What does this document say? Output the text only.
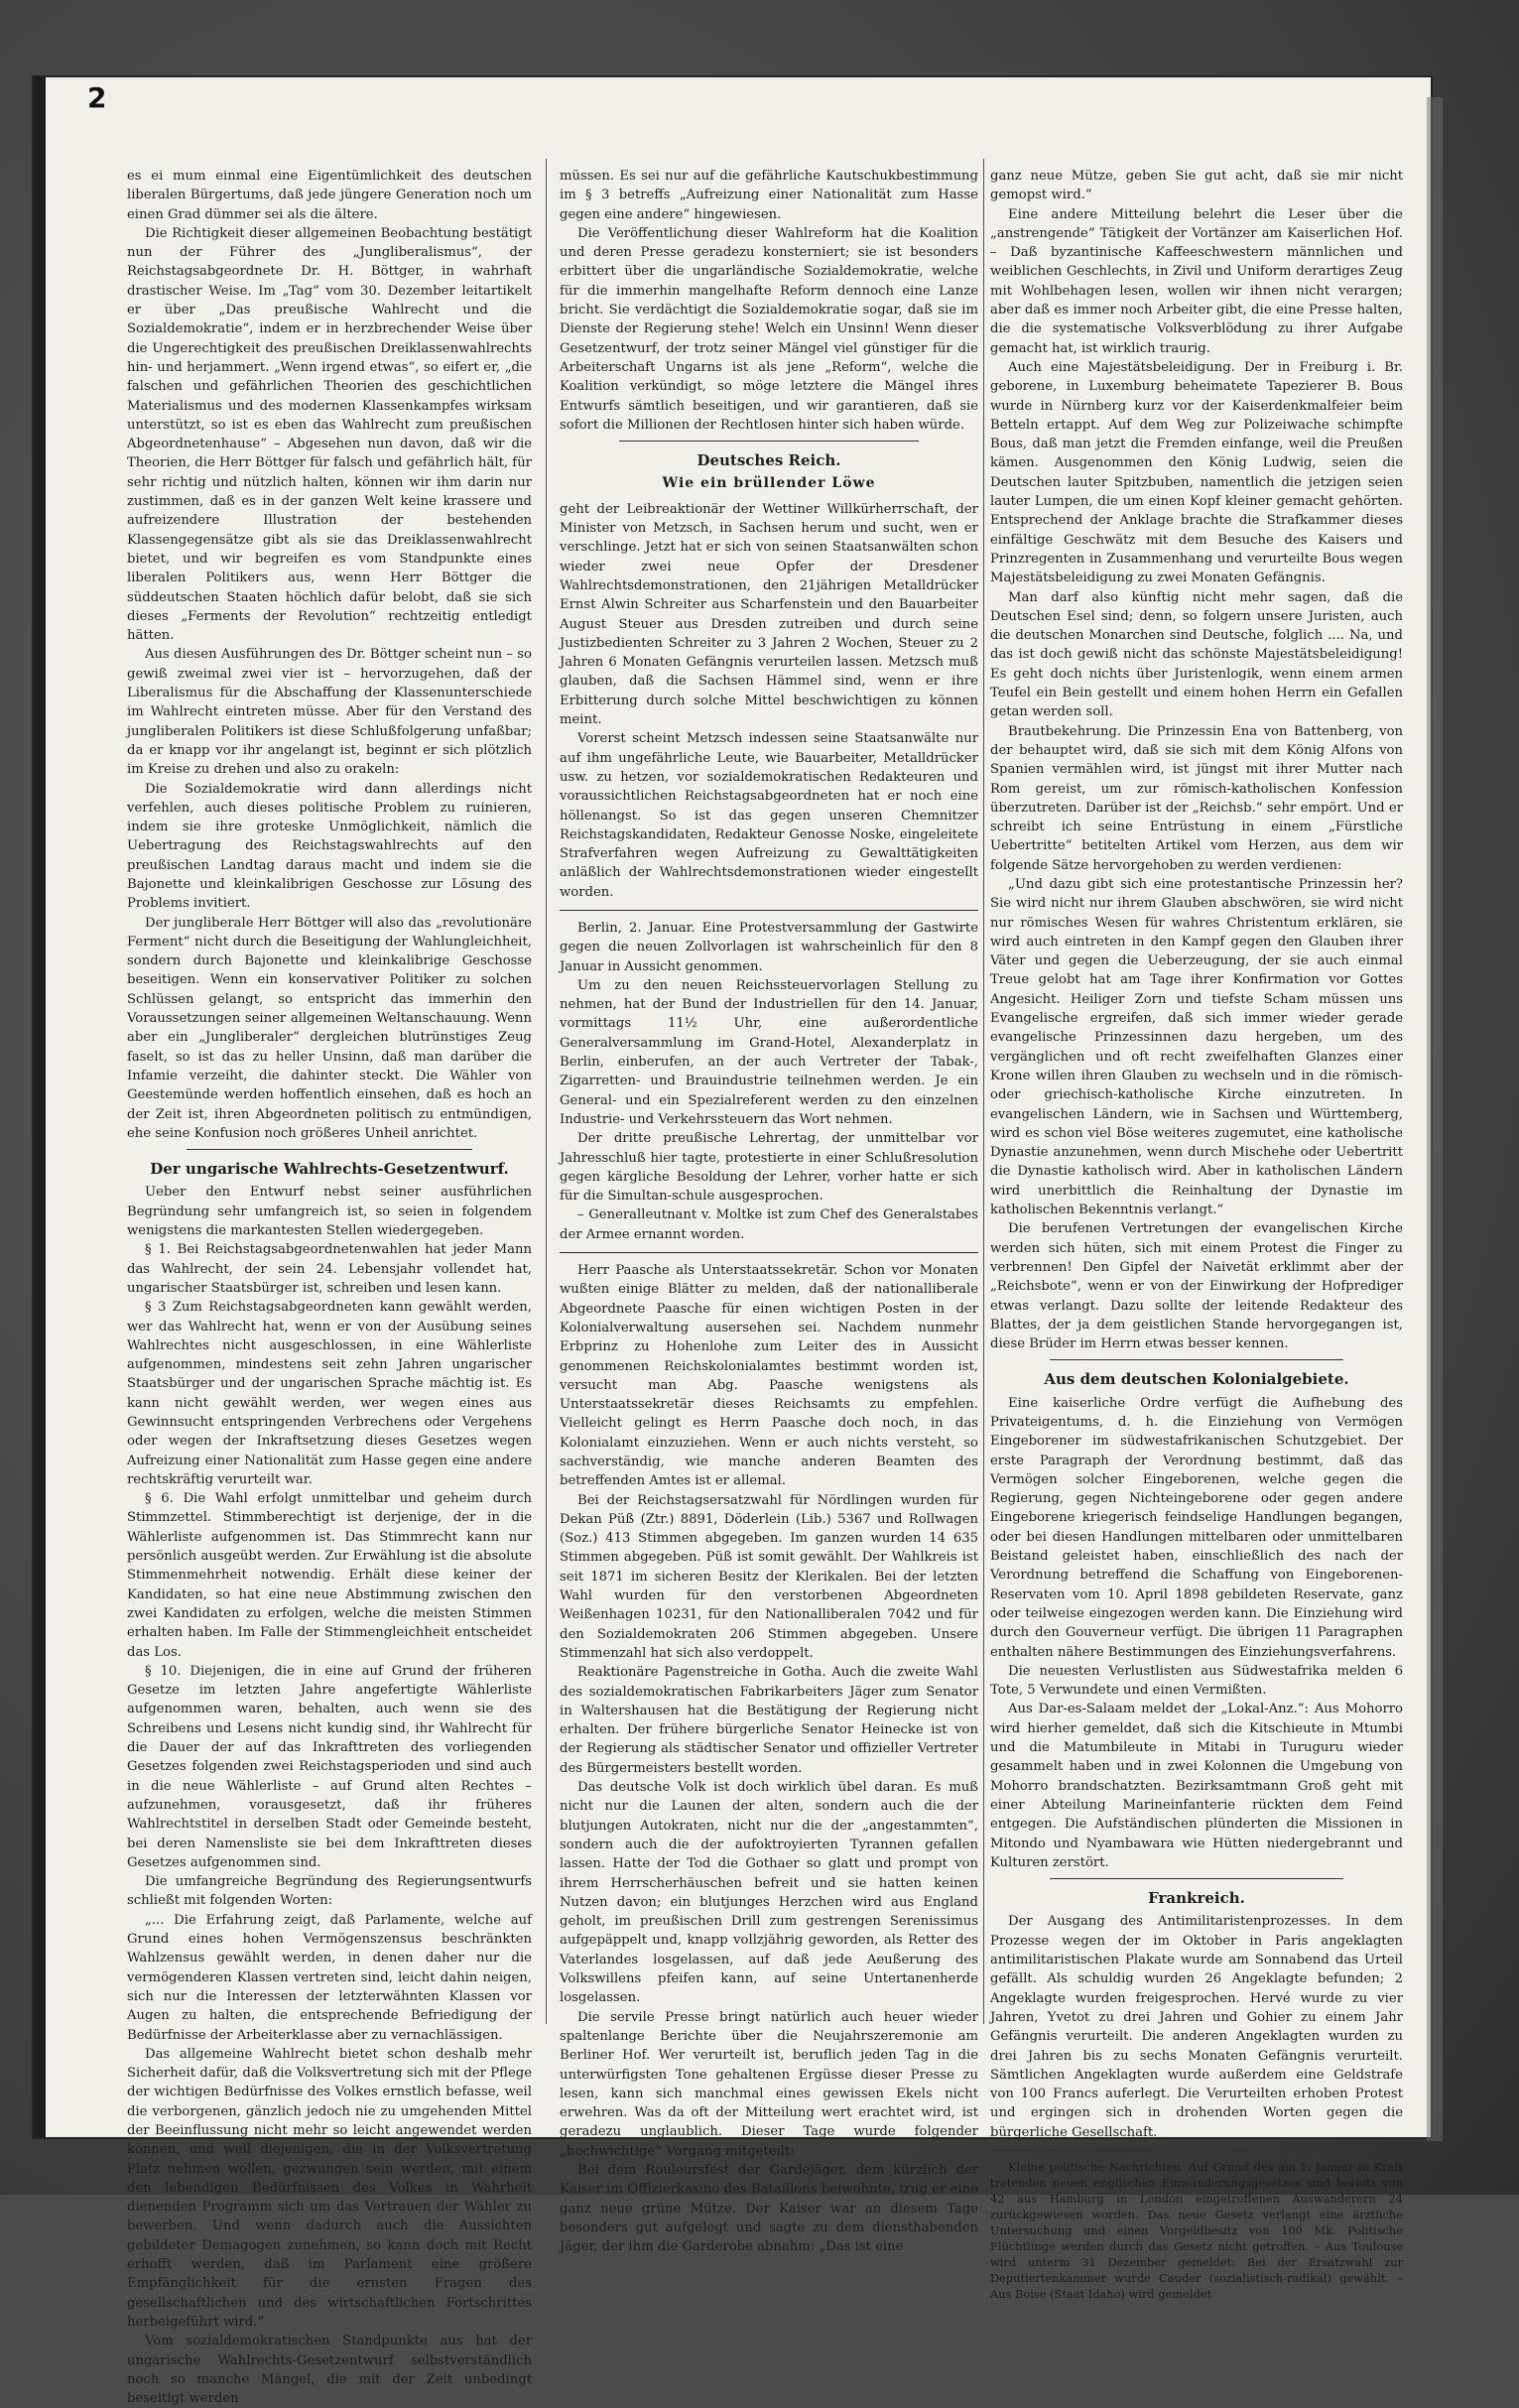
2

es ei mum einmal eine Eigentümlichkeit des deutschen liberalen Bürgertums, daß jede jüngere Generation noch um einen Grad dümmer sei als die ältere.

Die Richtigkeit dieser allgemeinen Beobachtung bestätigt nun der Führer des „Jungliberalismus“, der Reichstagsabgeordnete Dr. H. Böttger, in wahrhaft drastischer Weise. Im „Tag“ vom 30. Dezember leitartikelt er über „Das preußische Wahlrecht und die Sozialdemokratie“, indem er in herzbrechender Weise über die Ungerechtigkeit des preußischen Dreiklassenwahlrechts hin- und herjammert. „Wenn irgend etwas“, so eifert er, „die falschen und gefährlichen Theorien des geschichtlichen Materialismus und des modernen Klassenkampfes wirksam unterstützt, so ist es eben das Wahlrecht zum preußischen Abgeordnetenhause“ – Abgesehen nun davon, daß wir die Theorien, die Herr Böttger für falsch und gefährlich hält, für sehr richtig und nützlich halten, können wir ihm darin nur zustimmen, daß es in der ganzen Welt keine krassere und aufreizendere Illustration der bestehenden Klassengegensätze gibt als sie das Dreiklassenwahlrecht bietet, und wir begreifen es vom Standpunkte eines liberalen Politikers aus, wenn Herr Böttger die süddeutschen Staaten höchlich dafür belobt, daß sie sich dieses „Ferments der Revolution“ rechtzeitig entledigt hätten.

Aus diesen Ausführungen des Dr. Böttger scheint nun – so gewiß zweimal zwei vier ist – hervorzugehen, daß der Liberalismus für die Abschaffung der Klassenunterschiede im Wahlrecht eintreten müsse. Aber für den Verstand des jungliberalen Politikers ist diese Schlußfolgerung unfaßbar; da er knapp vor ihr angelangt ist, beginnt er sich plötzlich im Kreise zu drehen und also zu orakeln:

Die Sozialdemokratie wird dann allerdings nicht verfehlen, auch dieses politische Problem zu ruinieren, indem sie ihre groteske Unmöglichkeit, nämlich die Uebertragung des Reichstagswahlrechts auf den preußischen Landtag daraus macht und indem sie die Bajonette und kleinkalibrigen Geschosse zur Lösung des Problems invitiert.

Der jungliberale Herr Böttger will also das „revolutionäre Ferment“ nicht durch die Beseitigung der Wahlungleichheit, sondern durch Bajonette und kleinkalibrige Geschosse beseitigen. Wenn ein konservativer Politiker zu solchen Schlüssen gelangt, so entspricht das immerhin den Voraussetzungen seiner allgemeinen Weltanschauung. Wenn aber ein „Jungliberaler“ dergleichen blutrünstiges Zeug faselt, so ist das zu heller Unsinn, daß man darüber die Infamie verzeiht, die dahinter steckt. Die Wähler von Geestemünde werden hoffentlich einsehen, daß es hoch an der Zeit ist, ihren Abgeordneten politisch zu entmündigen, ehe seine Konfusion noch größeres Unheil anrichtet.

Der ungarische Wahlrechts-Gesetzentwurf.

Ueber den Entwurf nebst seiner ausführlichen Begründung sehr umfangreich ist, so seien in folgendem wenigstens die markantesten Stellen wiedergegeben.

§ 1. Bei Reichstagsabgeordnetenwahlen hat jeder Mann das Wahlrecht, der sein 24. Lebensjahr vollendet hat, ungarischer Staatsbürger ist, schreiben und lesen kann.

§ 3 Zum Reichstagsabgeordneten kann gewählt werden, wer das Wahlrecht hat, wenn er von der Ausübung seines Wahlrechtes nicht ausgeschlossen, in eine Wählerliste aufgenommen, mindestens seit zehn Jahren ungarischer Staatsbürger und der ungarischen Sprache mächtig ist. Es kann nicht gewählt werden, wer wegen eines aus Gewinnsucht entspringenden Verbrechens oder Vergehens oder wegen der Inkraftsetzung dieses Gesetzes wegen Aufreizung einer Nationalität zum Hasse gegen eine andere rechtskräftig verurteilt war.

§ 6. Die Wahl erfolgt unmittelbar und geheim durch Stimmzettel. Stimmberechtigt ist derjenige, der in die Wählerliste aufgenommen ist. Das Stimmrecht kann nur persönlich ausgeübt werden. Zur Erwählung ist die absolute Stimmenmehrheit notwendig. Erhält diese keiner der Kandidaten, so hat eine neue Abstimmung zwischen den zwei Kandidaten zu erfolgen, welche die meisten Stimmen erhalten haben. Im Falle der Stimmengleichheit entscheidet das Los.

§ 10. Diejenigen, die in eine auf Grund der früheren Gesetze im letzten Jahre angefertigte Wählerliste aufgenommen waren, behalten, auch wenn sie des Schreibens und Lesens nicht kundig sind, ihr Wahlrecht für die Dauer der auf das Inkrafttreten des vorliegenden Gesetzes folgenden zwei Reichstagsperioden und sind auch in die neue Wählerliste – auf Grund alten Rechtes – aufzunehmen, vorausgesetzt, daß ihr früheres Wahlrechtstitel in derselben Stadt oder Gemeinde besteht, bei deren Namensliste sie bei dem Inkrafttreten dieses Gesetzes aufgenommen sind.

Die umfangreiche Begründung des Regierungsentwurfs schließt mit folgenden Worten:

„... Die Erfahrung zeigt, daß Parlamente, welche auf Grund eines hohen Vermögenszensus beschränkten Wahlzensus gewählt werden, in denen daher nur die vermögenderen Klassen vertreten sind, leicht dahin neigen, sich nur die Interessen der letzterwähnten Klassen vor Augen zu halten, die entsprechende Befriedigung der Bedürfnisse der Arbeiterklasse aber zu vernachlässigen.

Das allgemeine Wahlrecht bietet schon deshalb mehr Sicherheit dafür, daß die Volksvertretung sich mit der Pflege der wichtigen Bedürfnisse des Volkes ernstlich befasse, weil die verborgenen, gänzlich jedoch nie zu umgehenden Mittel der Beeinflussung nicht mehr so leicht angewendet werden können, und weil diejenigen, die in der Volksvertretung Platz nehmen wollen, gezwungen sein werden, mit einem den lebendigen Bedürfnissen des Volkes in Wahrheit dienenden Programm sich um das Vertrauen der Wähler zu bewerben. Und wenn dadurch auch die Aussichten gebildeter Demagogen zunehmen, so kann doch mit Recht erhofft werden, daß im Parlament eine größere Empfänglichkeit für die ernsten Fragen des gesellschaftlichen und des wirtschaftlichen Fortschrittes herbeigeführt wird.“

Vom sozialdemokratischen Standpunkte aus hat der ungarische Wahlrechts-Gesetzentwurf selbstverständlich noch so manche Mängel, die mit der Zeit unbedingt beseitigt werden

müssen. Es sei nur auf die gefährliche Kautschukbestimmung im § 3 betreffs „Aufreizung einer Nationalität zum Hasse gegen eine andere“ hingewiesen.

Die Veröffentlichung dieser Wahlreform hat die Koalition und deren Presse geradezu konsterniert; sie ist besonders erbittert über die ungarländische Sozialdemokratie, welche für die immerhin mangelhafte Reform dennoch eine Lanze bricht. Sie verdächtigt die Sozialdemokratie sogar, daß sie im Dienste der Regierung stehe! Welch ein Unsinn! Wenn dieser Gesetzentwurf, der trotz seiner Mängel viel günstiger für die Arbeiterschaft Ungarns ist als jene „Reform“, welche die Koalition verkündigt, so möge letztere die Mängel ihres Entwurfs sämtlich beseitigen, und wir garantieren, daß sie sofort die Millionen der Rechtlosen hinter sich haben würde.

Deutsches Reich.
Wie ein brüllender Löwe

geht der Leibreaktionär der Wettiner Willkürherrschaft, der Minister von Metzsch, in Sachsen herum und sucht, wen er verschlinge. Jetzt hat er sich von seinen Staatsanwälten schon wieder zwei neue Opfer der Dresdener Wahlrechtsdemonstrationen, den 21jährigen Metalldrücker Ernst Alwin Schreiter aus Scharfenstein und den Bauarbeiter August Steuer aus Dresden zutreiben und durch seine Justizbedienten Schreiter zu 3 Jahren 2 Wochen, Steuer zu 2 Jahren 6 Monaten Gefängnis verurteilen lassen. Metzsch muß glauben, daß die Sachsen Hämmel sind, wenn er ihre Erbitterung durch solche Mittel beschwichtigen zu können meint.

Vorerst scheint Metzsch indessen seine Staatsanwälte nur auf ihm ungefährliche Leute, wie Bauarbeiter, Metalldrücker usw. zu hetzen, vor sozialdemokratischen Redakteuren und voraussichtlichen Reichstagsabgeordneten hat er noch eine höllenangst. So ist das gegen unseren Chemnitzer Reichstagskandidaten, Redakteur Genosse Noske, eingeleitete Strafverfahren wegen Aufreizung zu Gewalttätigkeiten anläßlich der Wahlrechtsdemonstrationen wieder eingestellt worden.

Berlin, 2. Januar. Eine Protestversammlung der Gastwirte gegen die neuen Zollvorlagen ist wahrscheinlich für den 8 Januar in Aussicht genommen.

Um zu den neuen Reichssteuervorlagen Stellung zu nehmen, hat der Bund der Industriellen für den 14. Januar, vormittags 11½ Uhr, eine außerordentliche Generalversammlung im Grand-Hotel, Alexanderplatz in Berlin, einberufen, an der auch Vertreter der Tabak-, Zigarretten- und Brauindustrie teilnehmen werden. Je ein General- und ein Spezialreferent werden zu den einzelnen Industrie- und Verkehrssteuern das Wort nehmen.

Der dritte preußische Lehrertag, der unmittelbar vor Jahresschluß hier tagte, protestierte in einer Schlußresolution gegen kärgliche Besoldung der Lehrer, vorher hatte er sich für die Simultan-schule ausgesprochen.

– Generalleutnant v. Moltke ist zum Chef des Generalstabes der Armee ernannt worden.

Herr Paasche als Unterstaatssekretär. Schon vor Monaten wußten einige Blätter zu melden, daß der nationalliberale Abgeordnete Paasche für einen wichtigen Posten in der Kolonialverwaltung ausersehen sei. Nachdem nunmehr Erbprinz zu Hohenlohe zum Leiter des in Aussicht genommenen Reichskolonialamtes bestimmt worden ist, versucht man Abg. Paasche wenigstens als Unterstaatssekretär dieses Reichsamts zu empfehlen. Vielleicht gelingt es Herrn Paasche doch noch, in das Kolonialamt einzuziehen. Wenn er auch nichts versteht, so sachverständig, wie manche anderen Beamten des betreffenden Amtes ist er allemal.

Bei der Reichstagsersatzwahl für Nördlingen wurden für Dekan Püß (Ztr.) 8891, Döderlein (Lib.) 5367 und Rollwagen (Soz.) 413 Stimmen abgegeben. Im ganzen wurden 14 635 Stimmen abgegeben. Püß ist somit gewählt. Der Wahlkreis ist seit 1871 im sicheren Besitz der Klerikalen. Bei der letzten Wahl wurden für den verstorbenen Abgeordneten Weißenhagen 10231, für den Nationalliberalen 7042 und für den Sozialdemokraten 206 Stimmen abgegeben. Unsere Stimmenzahl hat sich also verdoppelt.

Reaktionäre Pagenstreiche in Gotha. Auch die zweite Wahl des sozialdemokratischen Fabrikarbeiters Jäger zum Senator in Waltershausen hat die Bestätigung der Regierung nicht erhalten. Der frühere bürgerliche Senator Heinecke ist von der Regierung als städtischer Senator und offizieller Vertreter des Bürgermeisters bestellt worden.

Das deutsche Volk ist doch wirklich übel daran. Es muß nicht nur die Launen der alten, sondern auch die der blutjungen Autokraten, nicht nur die der „angestammten“, sondern auch die der aufoktroyierten Tyrannen gefallen lassen. Hatte der Tod die Gothaer so glatt und prompt von ihrem Herrscherhäuschen befreit und sie hatten keinen Nutzen davon; ein blutjunges Herzchen wird aus England geholt, im preußischen Drill zum gestrengen Serenissimus aufgepäppelt und, knapp vollzjährig geworden, als Retter des Vaterlandes losgelassen, auf daß jede Aeußerung des Volkswillens pfeifen kann, auf seine Untertanenherde losgelassen.

Die servile Presse bringt natürlich auch heuer wieder spaltenlange Berichte über die Neujahrszeremonie am Berliner Hof. Wer verurteilt ist, beruflich jeden Tag in die unterwürfigsten Tone gehaltenen Ergüsse dieser Presse zu lesen, kann sich manchmal eines gewissen Ekels nicht erwehren. Was da oft der Mitteilung wert erachtet wird, ist geradezu unglaublich. Dieser Tage wurde folgender „hochwichtige“ Vorgang mitgeteilt:

Bei dem Rouleursfest der Gardejäger, dem kürzlich der Kaiser im Offizierkasino des Bataillons beiwohnte, trug er eine ganz neue grüne Mütze. Der Kaiser war an diesem Tage besonders gut aufgelegt und sagte zu dem diensthabenden Jäger, der ihm die Garderobe abnahm: „Das ist eine

ganz neue Mütze, geben Sie gut acht, daß sie mir nicht gemopst wird.“

Eine andere Mitteilung belehrt die Leser über die „anstrengende“ Tätigkeit der Vortänzer am Kaiserlichen Hof. – Daß byzantinische Kaffeeschwestern männlichen und weiblichen Geschlechts, in Zivil und Uniform derartiges Zeug mit Wohlbehagen lesen, wollen wir ihnen nicht verargen; aber daß es immer noch Arbeiter gibt, die eine Presse halten, die die systematische Volksverblödung zu ihrer Aufgabe gemacht hat, ist wirklich traurig.

Auch eine Majestätsbeleidigung. Der in Freiburg i. Br. geborene, in Luxemburg beheimatete Tapezierer B. Bous wurde in Nürnberg kurz vor der Kaiserdenkmalfeier beim Betteln ertappt. Auf dem Weg zur Polizeiwache schimpfte Bous, daß man jetzt die Fremden einfange, weil die Preußen kämen. Ausgenommen den König Ludwig, seien die Deutschen lauter Spitzbuben, namentlich die jetzigen seien lauter Lumpen, die um einen Kopf kleiner gemacht gehörten. Entsprechend der Anklage brachte die Strafkammer dieses einfältige Geschwätz mit dem Besuche des Kaisers und Prinzregenten in Zusammenhang und verurteilte Bous wegen Majestätsbeleidigung zu zwei Monaten Gefängnis.

Man darf also künftig nicht mehr sagen, daß die Deutschen Esel sind; denn, so folgern unsere Juristen, auch die deutschen Monarchen sind Deutsche, folglich .... Na, und das ist doch gewiß nicht das schönste Majestätsbeleidigung! Es geht doch nichts über Juristenlogik, wenn einem armen Teufel ein Bein gestellt und einem hohen Herrn ein Gefallen getan werden soll.

Brautbekehrung. Die Prinzessin Ena von Battenberg, von der behauptet wird, daß sie sich mit dem König Alfons von Spanien vermählen wird, ist jüngst mit ihrer Mutter nach Rom gereist, um zur römisch-katholischen Konfession überzutreten. Darüber ist der „Reichsb.“ sehr empört. Und er schreibt ich seine Entrüstung in einem „Fürstliche Uebertritte“ betitelten Artikel vom Herzen, aus dem wir folgende Sätze hervorgehoben zu werden verdienen:

„Und dazu gibt sich eine protestantische Prinzessin her? Sie wird nicht nur ihrem Glauben abschwören, sie wird nicht nur römisches Wesen für wahres Christentum erklären, sie wird auch eintreten in den Kampf gegen den Glauben ihrer Väter und gegen die Ueberzeugung, der sie auch einmal Treue gelobt hat am Tage ihrer Konfirmation vor Gottes Angesicht. Heiliger Zorn und tiefste Scham müssen uns Evangelische ergreifen, daß sich immer wieder gerade evangelische Prinzessinnen dazu hergeben, um des vergänglichen und oft recht zweifelhaften Glanzes einer Krone willen ihren Glauben zu wechseln und in die römisch- oder griechisch-katholische Kirche einzutreten. In evangelischen Ländern, wie in Sachsen und Württemberg, wird es schon viel Böse weiteres zugemutet, eine katholische Dynastie anzunehmen, wenn durch Mischehe oder Uebertritt die Dynastie katholisch wird. Aber in katholischen Ländern wird unerbittlich die Reinhaltung der Dynastie im katholischen Bekenntnis verlangt.“

Die berufenen Vertretungen der evangelischen Kirche werden sich hüten, sich mit einem Protest die Finger zu verbrennen! Den Gipfel der Naivetät erklimmt aber der „Reichsbote“, wenn er von der Einwirkung der Hofprediger etwas verlangt. Dazu sollte der leitende Redakteur des Blattes, der ja dem geistlichen Stande hervorgegangen ist, diese Brüder im Herrn etwas besser kennen.

Aus dem deutschen Kolonialgebiete.

Eine kaiserliche Ordre verfügt die Aufhebung des Privateigentums, d. h. die Einziehung von Vermögen Eingeborener im südwestafrikanischen Schutzgebiet. Der erste Paragraph der Verordnung bestimmt, daß das Vermögen solcher Eingeborenen, welche gegen die Regierung, gegen Nichteingeborene oder gegen andere Eingeborene kriegerisch feindselige Handlungen begangen, oder bei diesen Handlungen mittelbaren oder unmittelbaren Beistand geleistet haben, einschließlich des nach der Verordnung betreffend die Schaffung von Eingeborenen-Reservaten vom 10. April 1898 gebildeten Reservate, ganz oder teilweise eingezogen werden kann. Die Einziehung wird durch den Gouverneur verfügt. Die übrigen 11 Paragraphen enthalten nähere Bestimmungen des Einziehungsverfahrens.

Die neuesten Verlustlisten aus Südwestafrika melden 6 Tote, 5 Verwundete und einen Vermißten.

Aus Dar-es-Salaam meldet der „Lokal-Anz.“: Aus Mohorro wird hierher gemeldet, daß sich die Kitschieute in Mtumbi und die Matumbileute in Mitabi in Turuguru wieder gesammelt haben und in zwei Kolonnen die Umgebung von Mohorro brandschatzten. Bezirksamtmann Groß geht mit einer Abteilung Marineinfanterie rückten dem Feind entgegen. Die Aufständischen plünderten die Missionen in Mitondo und Nyambawara wie Hütten niedergebrannt und Kulturen zerstört.

Frankreich.

Der Ausgang des Antimilitaristenprozesses. In dem Prozesse wegen der im Oktober in Paris angeklagten antimilitaristischen Plakate wurde am Sonnabend das Urteil gefällt. Als schuldig wurden 26 Angeklagte befunden; 2 Angeklagte wurden freigesprochen. Hervé wurde zu vier Jahren, Yvetot zu drei Jahren und Gohier zu einem Jahr Gefängnis verurteilt. Die anderen Angeklagten wurden zu drei Jahren bis zu sechs Monaten Gefängnis verurteilt. Sämtlichen Angeklagten wurde außerdem eine Geldstrafe von 100 Francs auferlegt. Die Verurteilten erhoben Protest und ergingen sich in drohenden Worten gegen die bürgerliche Gesellschaft.

Kleine politische Nachrichten. Auf Grund des am 1. Januar in Kraft tretenden neuen englischen Einwanderungsgesetzes sind bereits von 42 aus Hamburg in London eingetroffenen Auswanderern 24 zurückgewiesen worden. Das neue Gesetz verlangt eine ärztliche Untersuchung und einen Vorgeldbesitz von 100 Mk. Politische Flüchtlinge werden durch das Gesetz nicht getroffen. – Aus Toulouse wird unterm 31 Dezember gemeldet: Bei der Ersatzwahl zur Deputiertenkammer wurde Cauder (sozialistisch-radikal) gewählt. – Aus Boise (Staat Idaho) wird gemeldet
